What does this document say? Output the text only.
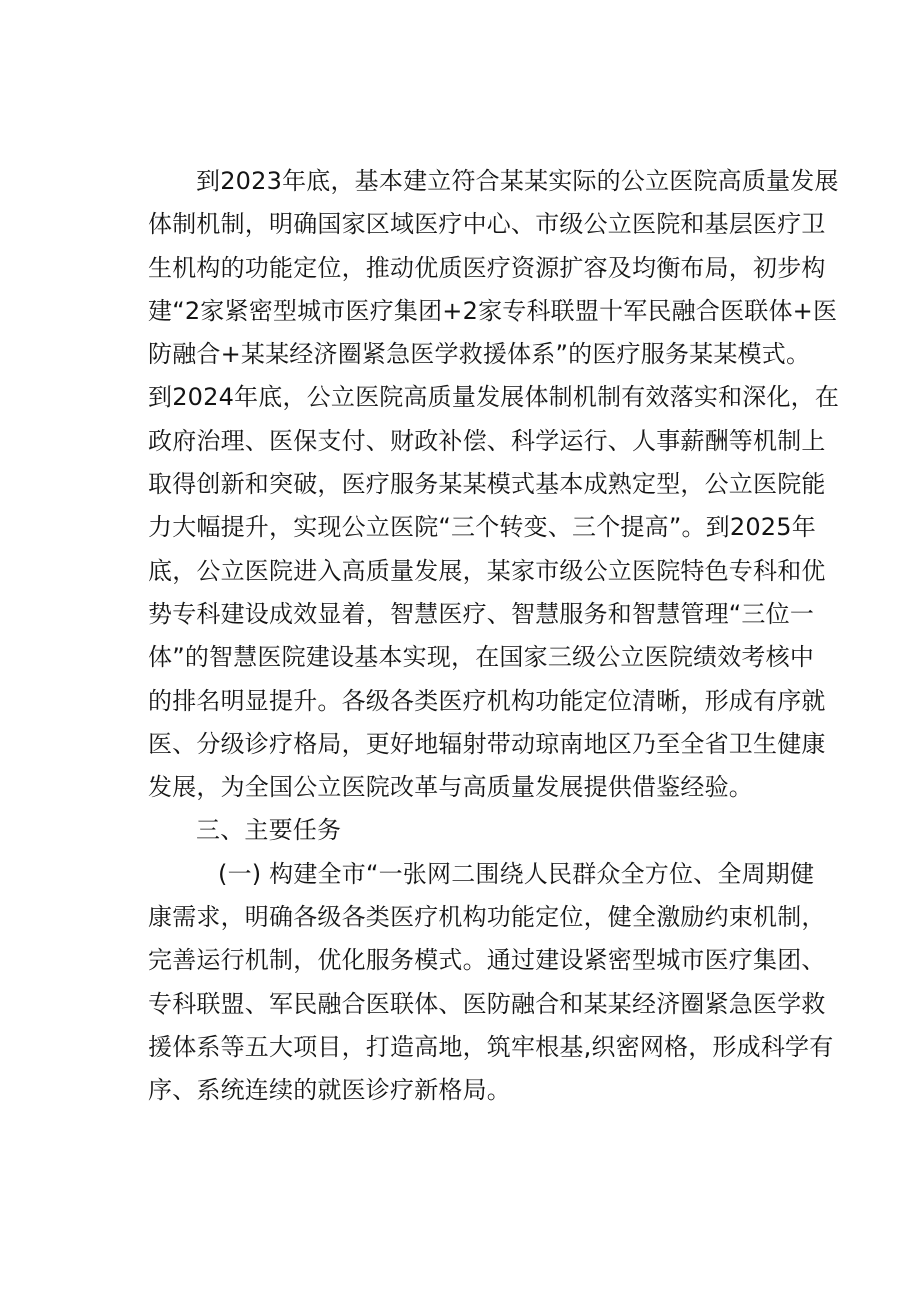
到2023年底，基本建立符合某某实际的公立医院高质量发展
体制机制，明确国家区域医疗中心、市级公立医院和基层医疗卫
生机构的功能定位，推动优质医疗资源扩容及均衡布局，初步构
建“2家紧密型城市医疗集团+2家专科联盟十军民融合医联体+医
防融合+某某经济圈紧急医学救援体系”的医疗服务某某模式。
到2024年底，公立医院高质量发展体制机制有效落实和深化，在
政府治理、医保支付、财政补偿、科学运行、人事薪酬等机制上
取得创新和突破，医疗服务某某模式基本成熟定型，公立医院能
力大幅提升，实现公立医院“三个转变、三个提高”。到2025年
底，公立医院进入高质量发展，某家市级公立医院特色专科和优
势专科建设成效显着，智慧医疗、智慧服务和智慧管理“三位一
体”的智慧医院建设基本实现，在国家三级公立医院绩效考核中
的排名明显提升。各级各类医疗机构功能定位清晰，形成有序就
医、分级诊疗格局，更好地辐射带动琼南地区乃至全省卫生健康
发展，为全国公立医院改革与高质量发展提供借鉴经验。
三、主要任务
(一) 构建全市“一张网二围绕人民群众全方位、全周期健
康需求，明确各级各类医疗机构功能定位，健全激励约束机制，
完善运行机制，优化服务模式。通过建设紧密型城市医疗集团、
专科联盟、军民融合医联体、医防融合和某某经济圈紧急医学救
援体系等五大项目，打造高地，筑牢根基,织密网格，形成科学有
序、系统连续的就医诊疗新格局。
